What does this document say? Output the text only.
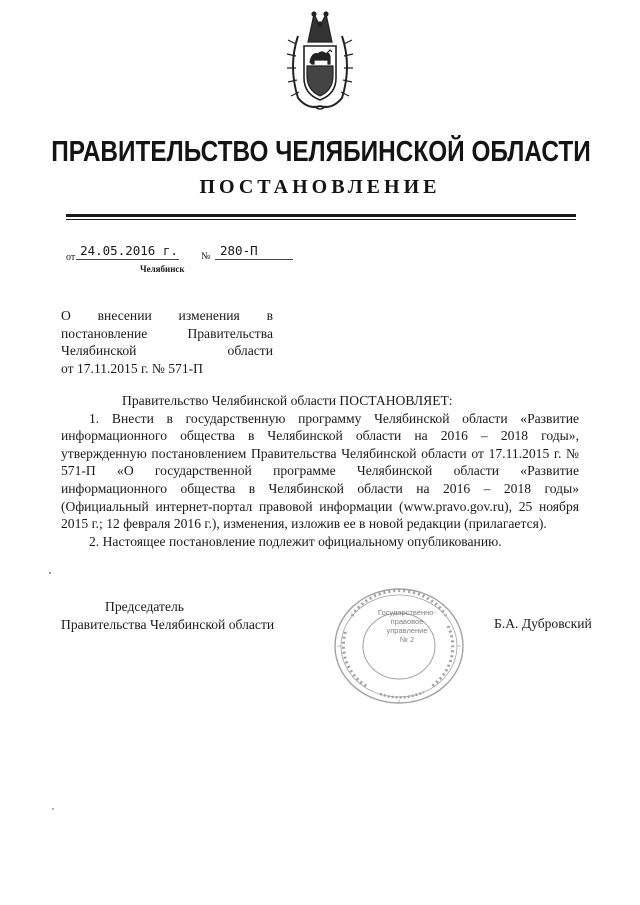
ПРАВИТЕЛЬСТВО ЧЕЛЯБИНСКОЙ ОБЛАСТИ
ПОСТАНОВЛЕНИЕ
от 24.05.2016 г. № 280-П
Челябинск
О внесении изменения в
постановление Правительства
Челябинской области
от 17.11.2015 г. № 571-П

Правительство Челябинской области ПОСТАНОВЛЯЕТ:

1. Внести в государственную программу Челябинской области «Развитие информационного общества в Челябинской области на 2016 – 2018 годы», утвержденную постановлением Правительства Челябинской области от 17.11.2015 г. № 571-П «О государственной программе Челябинской области «Развитие информационного общества в Челябинской области на 2016 – 2018 годы» (Официальный интернет-портал правовой информации (www.pravo.gov.ru), 25 ноября 2015 г.; 12 февраля 2016 г.), изменения, изложив ее в новой редакции (прилагается).

2. Настоящее постановление подлежит официальному опубликованию.

Председатель
Правительства Челябинской области
Государственно-
правовое
управление
№ 2
Б.А. Дубровский
